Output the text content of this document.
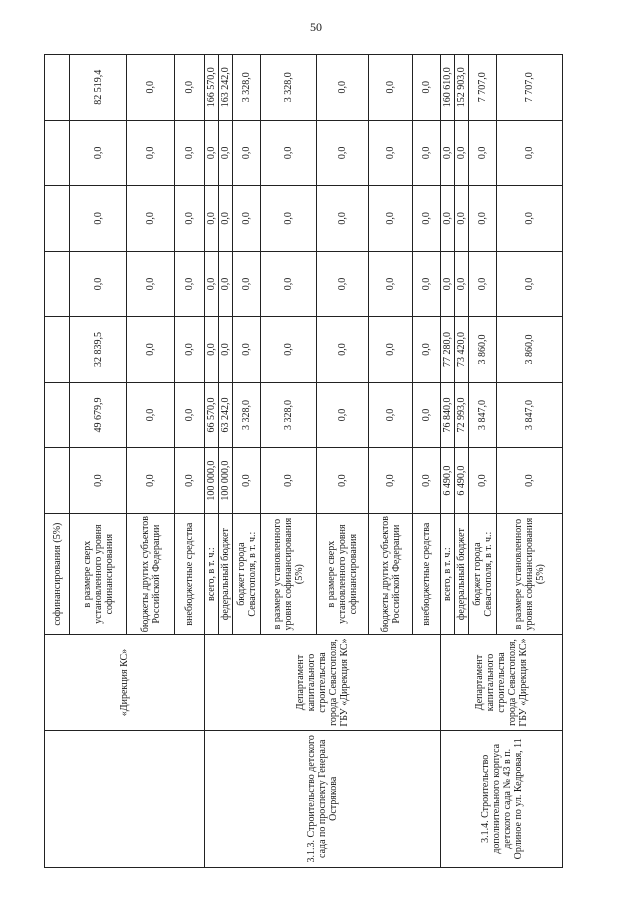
50
	«Дирекция КС»	софинансирования (5%)							
		в размере сверх установленного уровня софинансирования	0,0	49 679,9	32 839,5	0,0	0,0	0,0	82 519,4
		бюджеты других субъектов Российской Федерации	0,0	0,0	0,0	0,0	0,0	0,0	0,0
		внебюджетные средства	0,0	0,0	0,0	0,0	0,0	0,0	0,0
3.1.3. Строительство детского сада по проспекту Генерала Острякова	Департамент капитального строительства города Севастополя, ГБУ «Дирекция КС»	всего, в т. ч.:	100 000,0	66 570,0	0,0	0,0	0,0	0,0	166 570,0
		федеральный бюджет	100 000,0	63 242,0	0,0	0,0	0,0	0,0	163 242,0
		бюджет города Севастополя, в т. ч.:	0,0	3 328,0	0,0	0,0	0,0	0,0	3 328,0
		в размере установленного уровня софинансирования (5%)	0,0	3 328,0	0,0	0,0	0,0	0,0	3 328,0
		в размере сверх установленного уровня софинансирования	0,0	0,0	0,0	0,0	0,0	0,0	0,0
		бюджеты других субъектов Российской Федерации	0,0	0,0	0,0	0,0	0,0	0,0	0,0
		внебюджетные средства	0,0	0,0	0,0	0,0	0,0	0,0	0,0
3.1.4. Строительство дополнительного корпуса детского сада № 43 в п. Орлиное по ул. Кедровая, 11	Департамент капитального строительства города Севастополя, ГБУ «Дирекция КС»	всего, в т. ч.:	6 490,0	76 840,0	77 280,0	0,0	0,0	0,0	160 610,0
		федеральный бюджет	6 490,0	72 993,0	73 420,0	0,0	0,0	0,0	152 903,0
		бюджет города Севастополя, в т. ч.:	0,0	3 847,0	3 860,0	0,0	0,0	0,0	7 707,0
		в размере установленного уровня софинансирования (5%)	0,0	3 847,0	3 860,0	0,0	0,0	0,0	7 707,0
